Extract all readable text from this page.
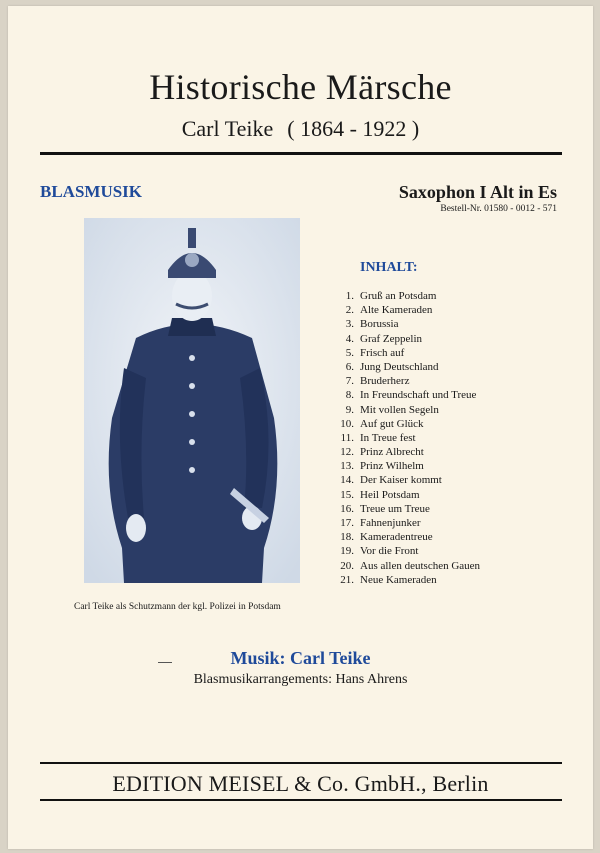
Historische Märsche
Carl Teike ( 1864 - 1922 )
BLASMUSIK	Saxophon I Alt in Es
Bestell-Nr. 01580 - 0012 - 571
Carl Teike als Schutzmann der kgl. Polizei in Potsdam
INHALT:
1. Gruß an Potsdam
2. Alte Kameraden
3. Borussia
4. Graf Zeppelin
5. Frisch auf
6. Jung Deutschland
7. Bruderherz
8. In Freundschaft und Treue
9. Mit vollen Segeln
10. Auf gut Glück
11. In Treue fest
12. Prinz Albrecht
13. Prinz Wilhelm
14. Der Kaiser kommt
15. Heil Potsdam
16. Treue um Treue
17. Fahnenjunker
18. Kameradentreue
19. Vor die Front
20. Aus allen deutschen Gauen
21. Neue Kameraden
Musik: Carl Teike
Blasmusikarrangements: Hans Ahrens
EDITION MEISEL & Co. GmbH., Berlin
